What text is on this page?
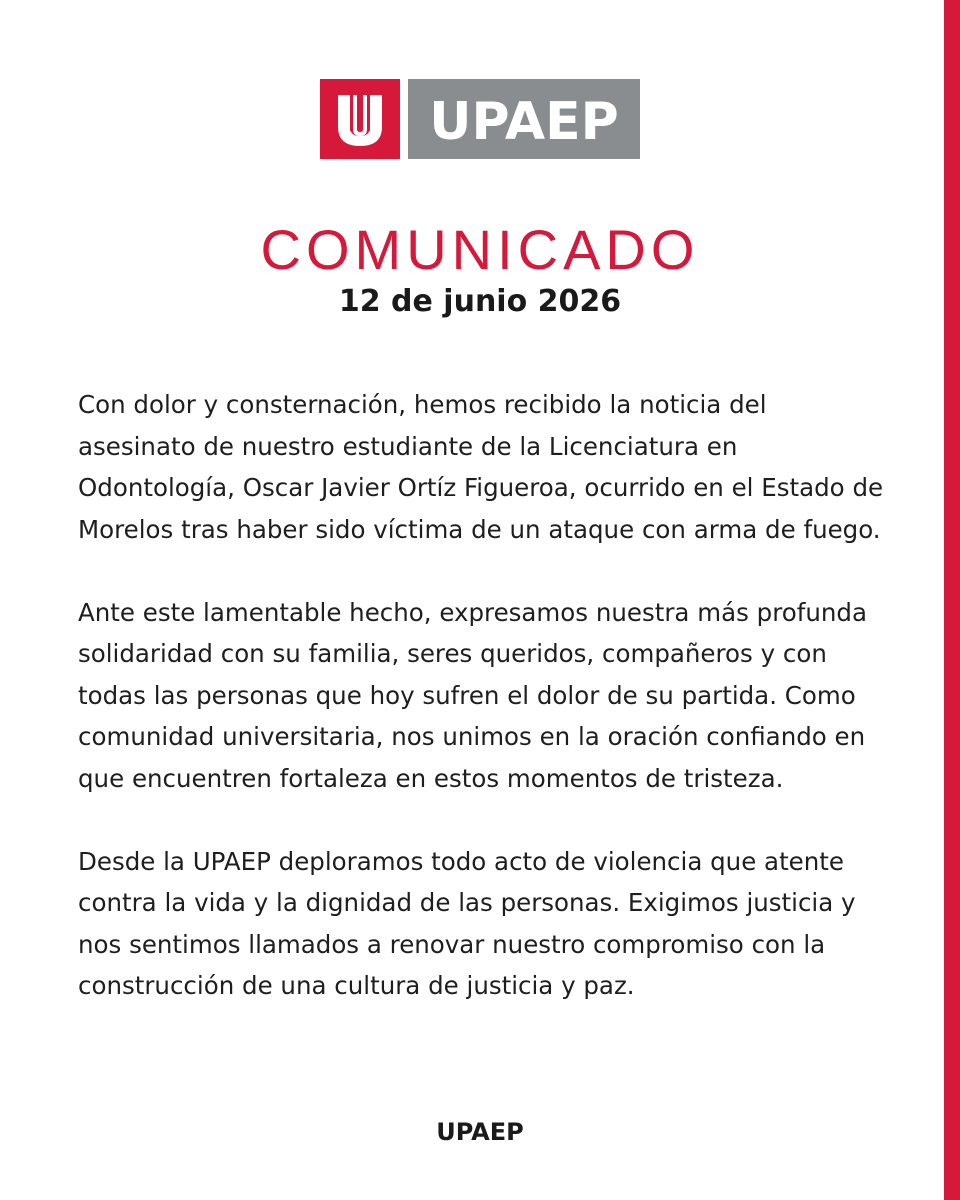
UPAEP
COMUNICADO
12 de junio 2026
Con dolor y consternación, hemos recibido la noticia del
asesinato de nuestro estudiante de la Licenciatura en
Odontología, Oscar Javier Ortíz Figueroa, ocurrido en el Estado de
Morelos tras haber sido víctima de un ataque con arma de fuego.
Ante este lamentable hecho, expresamos nuestra más profunda
solidaridad con su familia, seres queridos, compañeros y con
todas las personas que hoy sufren el dolor de su partida. Como
comunidad universitaria, nos unimos en la oración confiando en
que encuentren fortaleza en estos momentos de tristeza.
Desde la UPAEP deploramos todo acto de violencia que atente
contra la vida y la dignidad de las personas. Exigimos justicia y
nos sentimos llamados a renovar nuestro compromiso con la
construcción de una cultura de justicia y paz.
UPAEP
